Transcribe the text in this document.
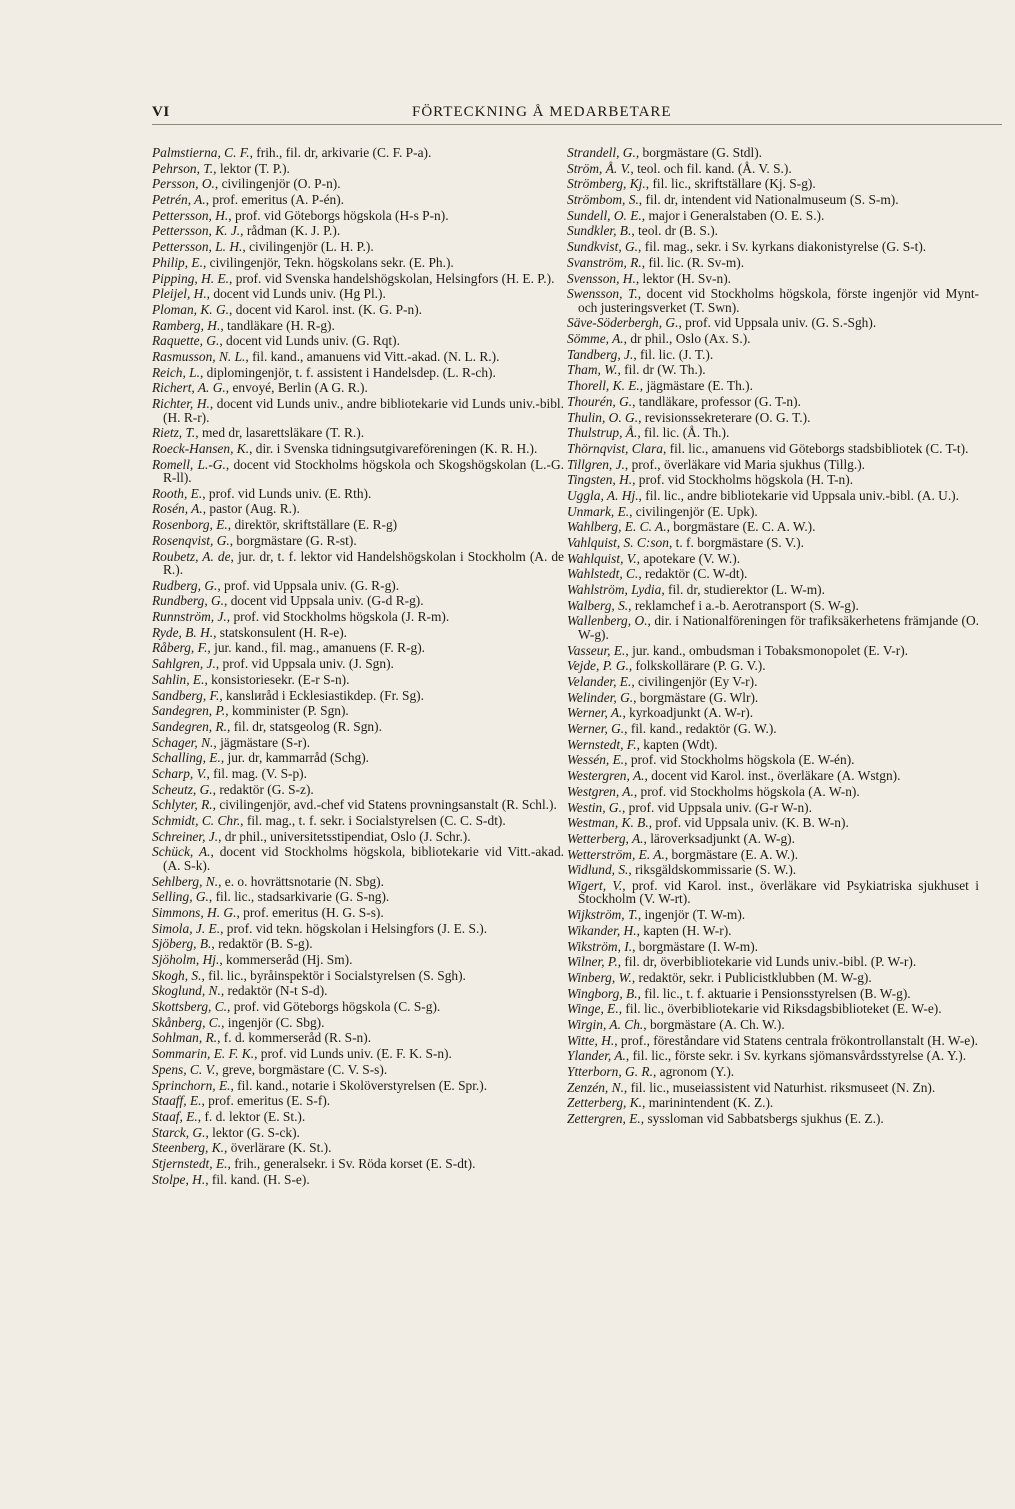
VI	FÖRTECKNING Å MEDARBETARE
Palmstierna, C. F., frih., fil. dr, arkivarie (C. F. P-a).
Pehrson, T., lektor (T. P.).
Persson, O., civilingenjör (O. P-n).
Petrén, A., prof. emeritus (A. P-én).
Pettersson, H., prof. vid Göteborgs högskola (H-s P-n).
Pettersson, K. J., rådman (K. J. P.).
Pettersson, L. H., civilingenjör (L. H. P.).
Philip, E., civilingenjör, Tekn. högskolans sekr. (E. Ph.).
Pipping, H. E., prof. vid Svenska handelshögskolan, Helsingfors (H. E. P.).
Pleijel, H., docent vid Lunds univ. (Hg Pl.).
Ploman, K. G., docent vid Karol. inst. (K. G. P-n).
Ramberg, H., tandläkare (H. R-g).
Raquette, G., docent vid Lunds univ. (G. Rqt).
Rasmusson, N. L., fil. kand., amanuens vid Vitt.-akad. (N. L. R.).
Reich, L., diplomingenjör, t. f. assistent i Handelsdep. (L. R-ch).
Richert, A. G., envoyé, Berlin (A G. R.).
Richter, H., docent vid Lunds univ., andre bibliotekarie vid Lunds univ.-bibl. (H. R-r).
Rietz, T., med dr, lasarettsläkare (T. R.).
Roeck-Hansen, K., dir. i Svenska tidningsutgivareföreningen (K. R. H.).
Romell, L.-G., docent vid Stockholms högskola och Skogshögskolan (L.-G. R-ll).
Rooth, E., prof. vid Lunds univ. (E. Rth).
Rosén, A., pastor (Aug. R.).
Rosenborg, E., direktör, skriftställare (E. R-g)
Rosenqvist, G., borgmästare (G. R-st).
Roubetz, A. de, jur. dr, t. f. lektor vid Handelshögskolan i Stockholm (A. de R.).
Rudberg, G., prof. vid Uppsala univ. (G. R-g).
Rundberg, G., docent vid Uppsala univ. (G-d R-g).
Runnström, J., prof. vid Stockholms högskola (J. R-m).
Ryde, B. H., statskonsulent (H. R-e).
Råberg, F., jur. kand., fil. mag., amanuens (F. R-g).
Sahlgren, J., prof. vid Uppsala univ. (J. Sgn).
Sahlin, E., konsistoriesekr. (E-r S-n).
Sandberg, F., kanslиråd i Ecklesiastikdep. (Fr. Sg).
Sandegren, P., komminister (P. Sgn).
Sandegren, R., fil. dr, statsgeolog (R. Sgn).
Schager, N., jägmästare (S-r).
Schalling, E., jur. dr, kammarråd (Schg).
Scharp, V., fil. mag. (V. S-p).
Scheutz, G., redaktör (G. S-z).
Schlyter, R., civilingenjör, avd.-chef vid Statens provningsanstalt (R. Schl.).
Schmidt, C. Chr., fil. mag., t. f. sekr. i Socialstyrelsen (C. C. S-dt).
Schreiner, J., dr phil., universitetsstipendiat, Oslo (J. Schr.).
Schück, A., docent vid Stockholms högskola, bibliotekarie vid Vitt.-akad. (A. S-k).
Sehlberg, N., e. o. hovrättsnotarie (N. Sbg).
Selling, G., fil. lic., stadsarkivarie (G. S-ng).
Simmons, H. G., prof. emeritus (H. G. S-s).
Simola, J. E., prof. vid tekn. högskolan i Helsingfors (J. E. S.).
Sjöberg, B., redaktör (B. S-g).
Sjöholm, Hj., kommerseråd (Hj. Sm).
Skogh, S., fil. lic., byråinspektör i Socialstyrelsen (S. Sgh).
Skoglund, N., redaktör (N-t S-d).
Skottsberg, C., prof. vid Göteborgs högskola (C. S-g).
Skånberg, C., ingenjör (C. Sbg).
Sohlman, R., f. d. kommerseråd (R. S-n).
Sommarin, E. F. K., prof. vid Lunds univ. (E. F. K. S-n).
Spens, C. V., greve, borgmästare (C. V. S-s).
Sprinchorn, E., fil. kand., notarie i Skolöverstyrelsen (E. Spr.).
Staaff, E., prof. emeritus (E. S-f).
Staaf, E., f. d. lektor (E. St.).
Starck, G., lektor (G. S-ck).
Steenberg, K., överlärare (K. St.).
Stjernstedt, E., frih., generalsekr. i Sv. Röda korset (E. S-dt).
Stolpe, H., fil. kand. (H. S-e).
Strandell, G., borgmästare (G. Stdl).
Ström, Å. V., teol. och fil. kand. (Å. V. S.).
Strömberg, Kj., fil. lic., skriftställare (Kj. S-g).
Strömbom, S., fil. dr, intendent vid Nationalmuseum (S. S-m).
Sundell, O. E., major i Generalstaben (O. E. S.).
Sundkler, B., teol. dr (B. S.).
Sundkvist, G., fil. mag., sekr. i Sv. kyrkans diakonistyrelse (G. S-t).
Svanström, R., fil. lic. (R. Sv-m).
Svensson, H., lektor (H. Sv-n).
Swensson, T., docent vid Stockholms högskola, förste ingenjör vid Mynt- och justeringsverket (T. Swn).
Säve-Söderbergh, G., prof. vid Uppsala univ. (G. S.-Sgh).
Sömme, A., dr phil., Oslo (Ax. S.).
Tandberg, J., fil. lic. (J. T.).
Tham, W., fil. dr (W. Th.).
Thorell, K. E., jägmästare (E. Th.).
Thourén, G., tandläkare, professor (G. T-n).
Thulin, O. G., revisionssekreterare (O. G. T.).
Thulstrup, Å., fil. lic. (Å. Th.).
Thörnqvist, Clara, fil. lic., amanuens vid Göteborgs stadsbibliotek (C. T-t).
Tillgren, J., prof., överläkare vid Maria sjukhus (Tillg.).
Tingsten, H., prof. vid Stockholms högskola (H. T-n).
Uggla, A. Hj., fil. lic., andre bibliotekarie vid Uppsala univ.-bibl. (A. U.).
Unmark, E., civilingenjör (E. Upk).
Wahlberg, E. C. A., borgmästare (E. C. A. W.).
Vahlquist, S. C:son, t. f. borgmästare (S. V.).
Wahlquist, V., apotekare (V. W.).
Wahlstedt, C., redaktör (C. W-dt).
Wahlström, Lydia, fil. dr, studierektor (L. W-m).
Walberg, S., reklamchef i a.-b. Aerotransport (S. W-g).
Wallenberg, O., dir. i Nationalföreningen för trafiksäkerhetens främjande (O. W-g).
Vasseur, E., jur. kand., ombudsman i Tobaksmonopolet (E. V-r).
Vejde, P. G., folkskollärare (P. G. V.).
Velander, E., civilingenjör (Ey V-r).
Welinder, G., borgmästare (G. Wlr).
Werner, A., kyrkoadjunkt (A. W-r).
Werner, G., fil. kand., redaktör (G. W.).
Wernstedt, F., kapten (Wdt).
Wessén, E., prof. vid Stockholms högskola (E. W-én).
Westergren, A., docent vid Karol. inst., överläkare (A. Wstgn).
Westgren, A., prof. vid Stockholms högskola (A. W-n).
Westin, G., prof. vid Uppsala univ. (G-r W-n).
Westman, K. B., prof. vid Uppsala univ. (K. B. W-n).
Wetterberg, A., läroverksadjunkt (A. W-g).
Wetterström, E. A., borgmästare (E. A. W.).
Widlund, S., riksgäldskommissarie (S. W.).
Wigert, V., prof. vid Karol. inst., överläkare vid Psykiatriska sjukhuset i Stockholm (V. W-rt).
Wijkström, T., ingenjör (T. W-m).
Wikander, H., kapten (H. W-r).
Wikström, I., borgmästare (I. W-m).
Wilner, P., fil. dr, överbibliotekarie vid Lunds univ.-bibl. (P. W-r).
Winberg, W., redaktör, sekr. i Publicistklubben (M. W-g).
Wingborg, B., fil. lic., t. f. aktuarie i Pensionsstyrelsen (B. W-g).
Winge, E., fil. lic., överbibliotekarie vid Riksdagsbiblioteket (E. W-e).
Wirgin, A. Ch., borgmästare (A. Ch. W.).
Witte, H., prof., föreståndare vid Statens centrala frökontrollanstalt (H. W-e).
Ylander, A., fil. lic., förste sekr. i Sv. kyrkans sjömansvårdsstyrelse (A. Y.).
Ytterborn, G. R., agronom (Y.).
Zenzén, N., fil. lic., museiassistent vid Naturhist. riksmuseet (N. Zn).
Zetterberg, K., marinintendent (K. Z.).
Zettergren, E., syssloman vid Sabbatsbergs sjukhus (E. Z.).
